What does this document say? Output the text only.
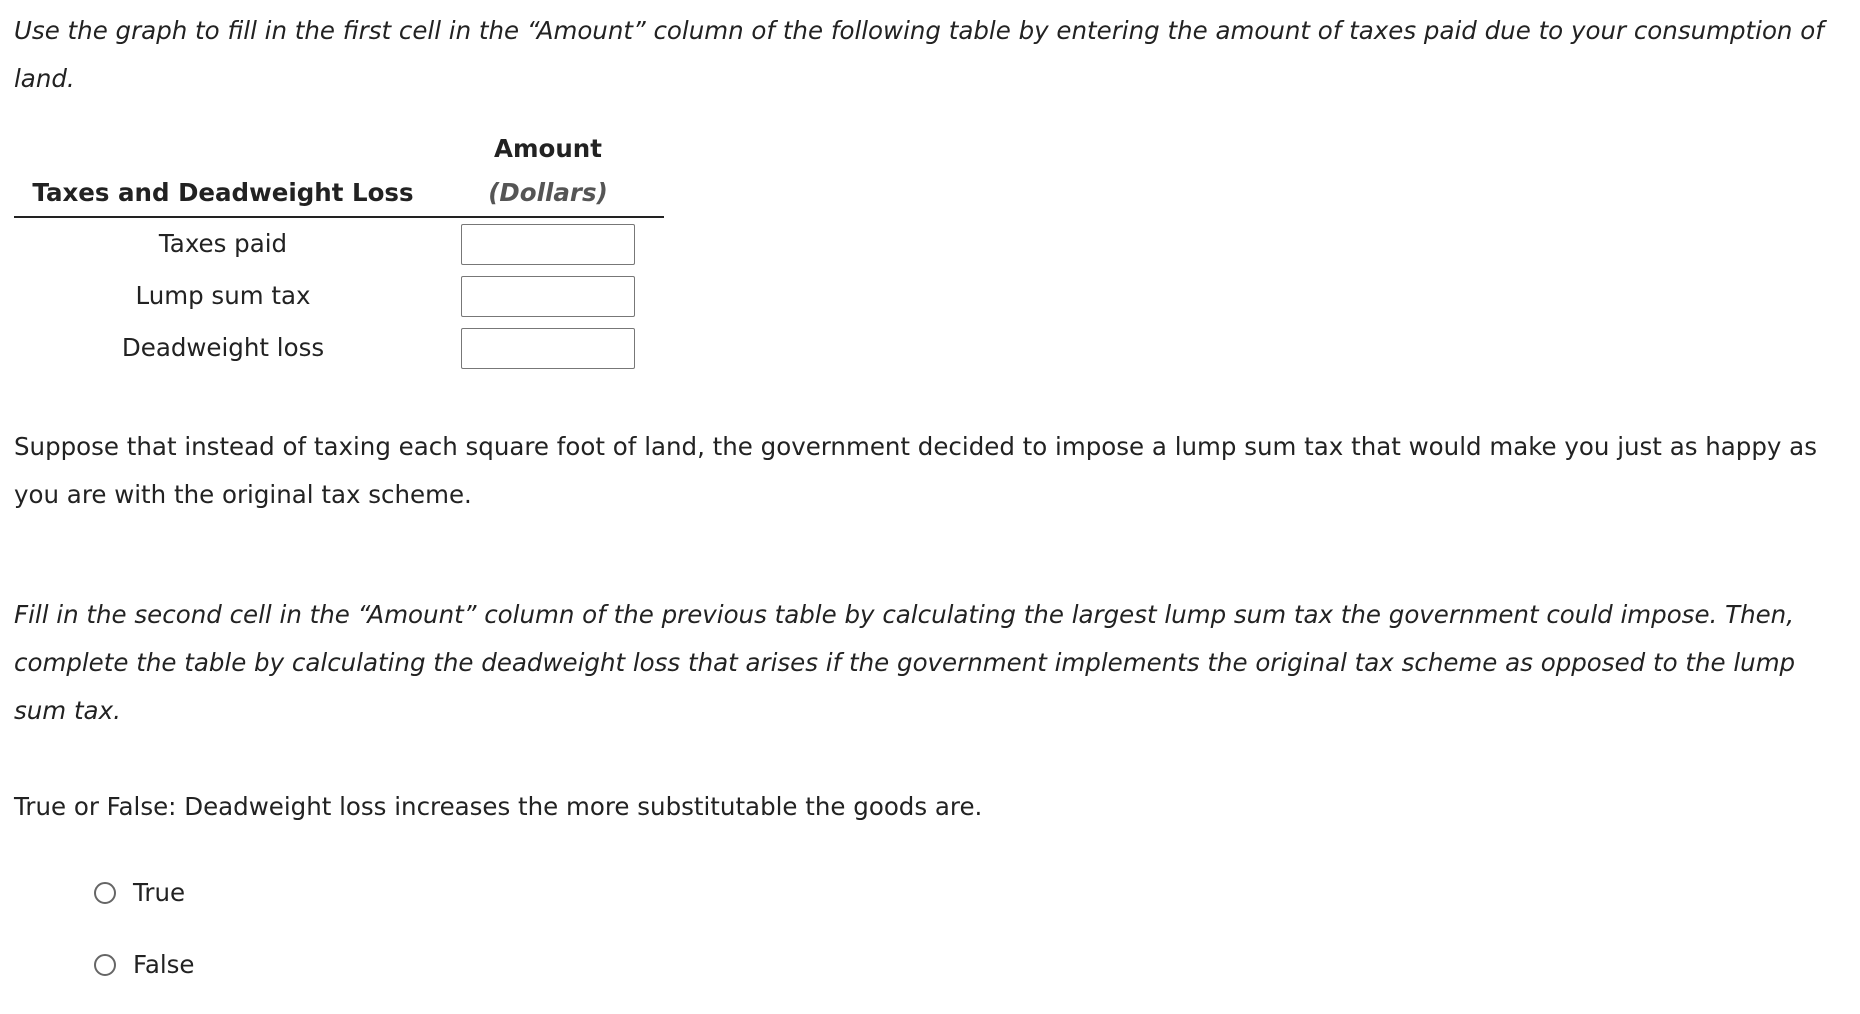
Use the graph to fill in the first cell in the “Amount” column of the following table by entering the amount of taxes paid due to your consumption of land.

Amount
(Dollars)
Taxes and Deadweight Loss
Taxes paid
Lump sum tax
Deadweight loss

Suppose that instead of taxing each square foot of land, the government decided to impose a lump sum tax that would make you just as happy as you are with the original tax scheme.

Fill in the second cell in the “Amount” column of the previous table by calculating the largest lump sum tax the government could impose. Then, complete the table by calculating the deadweight loss that arises if the government implements the original tax scheme as opposed to the lump sum tax.

True or False: Deadweight loss increases the more substitutable the goods are.

True
False
